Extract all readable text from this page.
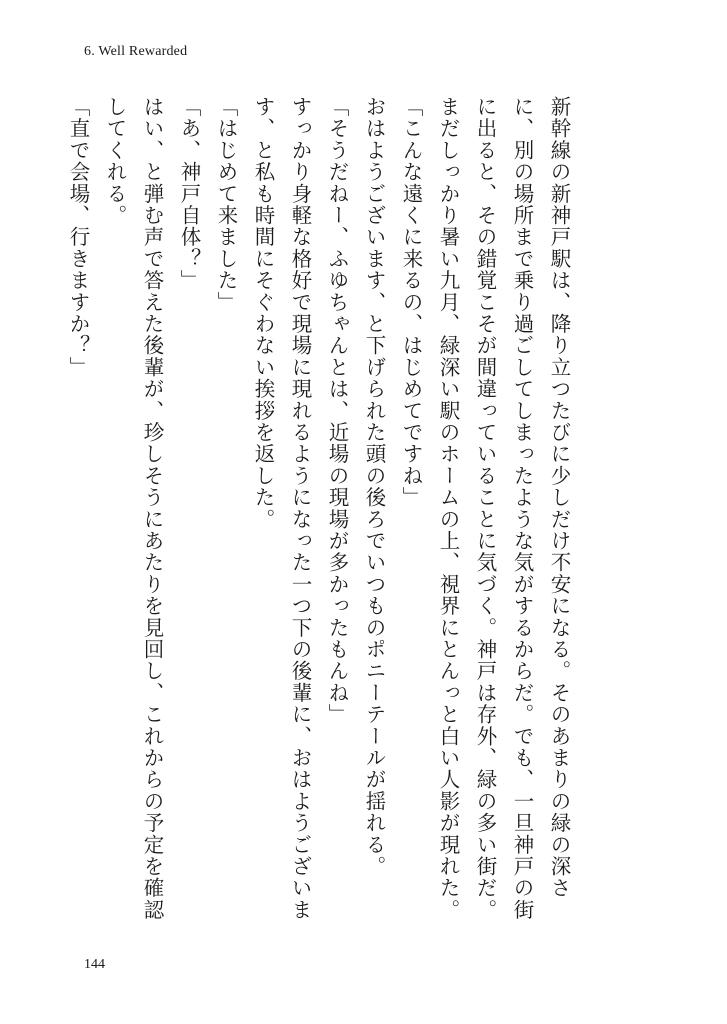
6. Well Rewarded

新幹線の新神戸駅は、降り立つたびに少しだけ不安になる。そのあまりの緑の深さに、別の場所まで乗り過ごしてしまったような気がするからだ。でも、一旦神戸の街に出ると、その錯覚こそが間違っていることに気づく。神戸は存外、緑の多い街だ。

まだしっかり暑い九月、緑深い駅のホームの上、視界にとんっと白い人影が現れた。

「こんな遠くに来るの、はじめてですね」

おはようございます、と下げられた頭の後ろでいつものポニーテールが揺れる。

「そうだねー、ふゆちゃんとは、近場の現場が多かったもんね」

すっかり身軽な格好で現場に現れるようになった一つ下の後輩に、おはようございます、と私も時間にそぐわない挨拶を返した。

「はじめて来ました」

「あ、神戸自体？」

はい、と弾む声で答えた後輩が、珍しそうにあたりを見回し、これからの予定を確認してくれる。

「直で会場、行きますか？」

144
